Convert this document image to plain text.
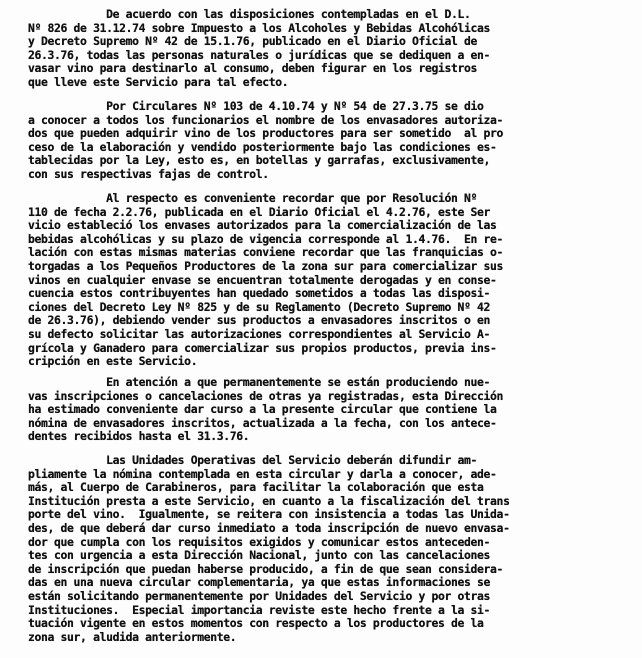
De acuerdo con las disposiciones contempladas en el D.L.
Nº 826 de 31.12.74 sobre Impuesto a los Alcoholes y Bebidas Alcohólicas
y Decreto Supremo Nº 42 de 15.1.76, publicado en el Diario Oficial de
26.3.76, todas las personas naturales o jurídicas que se dediquen a en-
vasar vino para destinarlo al consumo, deben figurar en los registros
que lleve este Servicio para tal efecto.
Por Circulares Nº 103 de 4.10.74 y Nº 54 de 27.3.75 se dio
a conocer a todos los funcionarios el nombre de los envasadores autoriza-
dos que pueden adquirir vino de los productores para ser sometido  al pro
ceso de la elaboración y vendido posteriormente bajo las condiciones es-
tablecidas por la Ley, esto es, en botellas y garrafas, exclusivamente,
con sus respectivas fajas de control.
Al respecto es conveniente recordar que por Resolución Nº
110 de fecha 2.2.76, publicada en el Diario Oficial el 4.2.76, este Ser
vicio estableció los envases autorizados para la comercialización de las
bebidas alcohólicas y su plazo de vigencia corresponde al 1.4.76.  En re-
lación con estas mismas materias conviene recordar que las franquicias o-
torgadas a los Pequeños Productores de la zona sur para comercializar sus
vinos en cualquier envase se encuentran totalmente derogadas y en conse-
cuencia estos contribuyentes han quedado sometidos a todas las disposi-
ciones del Decreto Ley Nº 825 y de su Reglamento (Decreto Supremo Nº 42
de 26.3.76), debiendo vender sus productos a envasadores inscritos o en
su defecto solicitar las autorizaciones correspondientes al Servicio A-
grícola y Ganadero para comercializar sus propios productos, previa ins-
cripción en este Servicio.
En atención a que permanentemente se están produciendo nue-
vas inscripciones o cancelaciones de otras ya registradas, esta Dirección
ha estimado conveniente dar curso a la presente circular que contiene la
nómina de envasadores inscritos, actualizada a la fecha, con los antece-
dentes recibidos hasta el 31.3.76.
Las Unidades Operativas del Servicio deberán difundir am-
pliamente la nómina contemplada en esta circular y darla a conocer, ade-
más, al Cuerpo de Carabineros, para facilitar la colaboración que esta
Institución presta a este Servicio, en cuanto a la fiscalización del trans
porte del vino.  Igualmente, se reitera con insistencia a todas las Unida-
des, de que deberá dar curso inmediato a toda inscripción de nuevo envasa-
dor que cumpla con los requisitos exigidos y comunicar estos anteceden-
tes con urgencia a esta Dirección Nacional, junto con las cancelaciones
de inscripción que puedan haberse producido, a fin de que sean considera-
das en una nueva circular complementaria, ya que estas informaciones se
están solicitando permanentemente por Unidades del Servicio y por otras
Instituciones.  Especial importancia reviste este hecho frente a la si-
tuación vigente en estos momentos con respecto a los productores de la
zona sur, aludida anteriormente.
